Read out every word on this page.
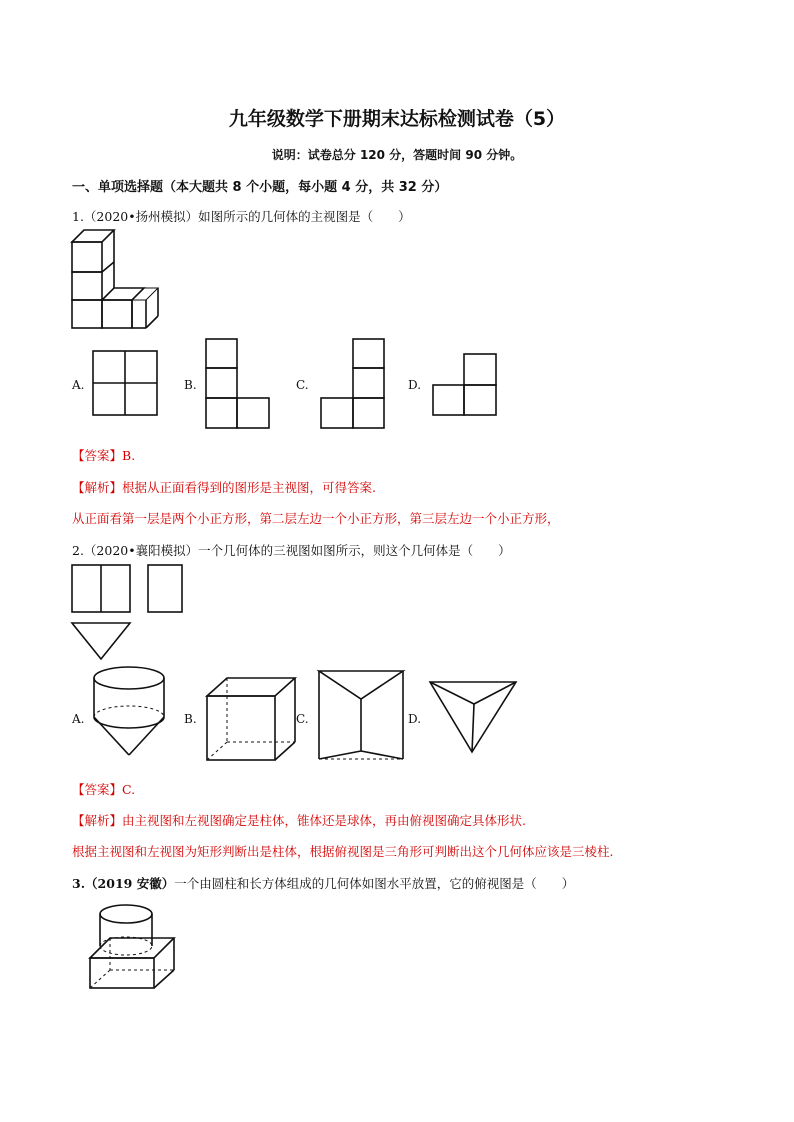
九年级数学下册期末达标检测试卷（5）
说明：试卷总分 120 分，答题时间 90 分钟。
一、单项选择题（本大题共 8 个小题，每小题 4 分，共 32 分）
1.（2020•扬州模拟）如图所示的几何体的主视图是（　　）
A.	B.	C.	D.
【答案】B.
【解析】根据从正面看得到的图形是主视图，可得答案.
从正面看第一层是两个小正方形，第二层左边一个小正方形，第三层左边一个小正方形，
2.（2020•襄阳模拟）一个几何体的三视图如图所示，则这个几何体是（　　）
A.	B.	C.	D.
【答案】C.
【解析】由主视图和左视图确定是柱体，锥体还是球体，再由俯视图确定具体形状.
根据主视图和左视图为矩形判断出是柱体，根据俯视图是三角形可判断出这个几何体应该是三棱柱.
3.（2019 安徽）一个由圆柱和长方体组成的几何体如图水平放置，它的俯视图是（　　）
